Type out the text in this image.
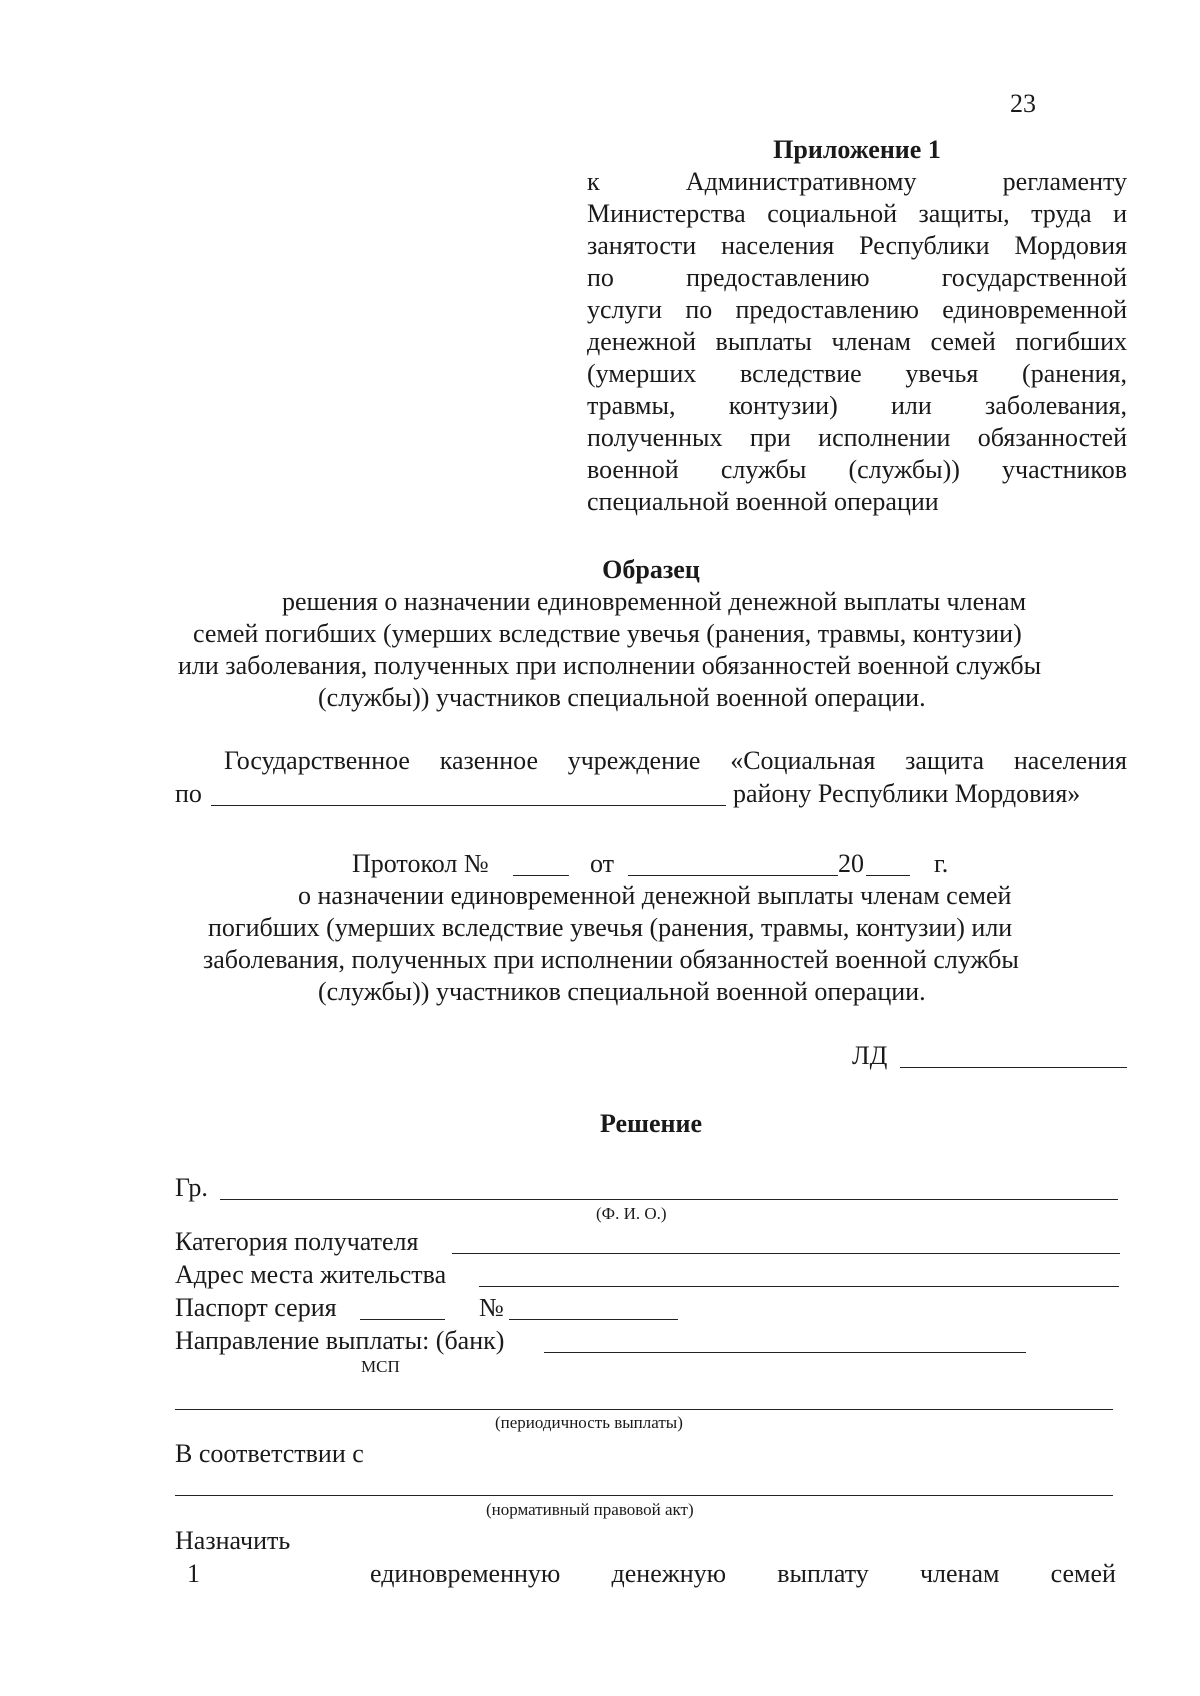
23
Приложение 1
к Административному регламенту
Министерства социальной защиты, труда и
занятости населения Республики Мордовия
по предоставлению государственной
услуги по предоставлению единовременной
денежной выплаты членам семей погибших
(умерших вследствие увечья (ранения,
травмы, контузии) или заболевания,
полученных при исполнении обязанностей
военной службы (службы)) участников
специальной военной операции
Образец
решения о назначении единовременной денежной выплаты членам
семей погибших (умерших вследствие увечья (ранения, травмы, контузии)
или заболевания, полученных при исполнении обязанностей военной службы
(службы)) участников специальной военной операции.
Государственное казенное учреждение «Социальная защита населения
по	району Республики Мордовия»
Протокол №	от	20	г.
о назначении единовременной денежной выплаты членам семей
погибших (умерших вследствие увечья (ранения, травмы, контузии) или
заболевания, полученных при исполнении обязанностей военной службы
(службы)) участников специальной военной операции.
ЛД
Решение
Гр.
(Ф. И. О.)
Категория получателя
Адрес места жительства
Паспорт серия	№
Направление выплаты: (банк)
МСП
(периодичность выплаты)
В соответствии с
(нормативный правовой акт)
Назначить
1	единовременную денежную выплату членам семей
